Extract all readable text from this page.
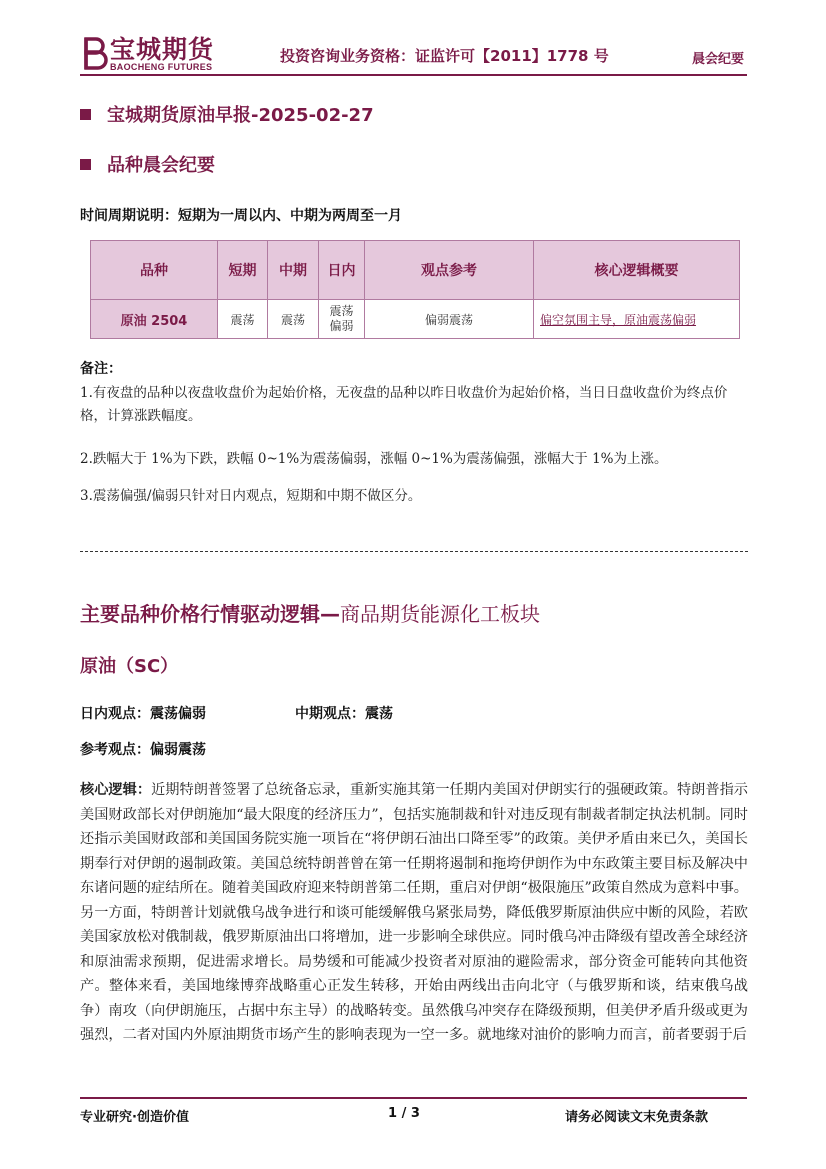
宝城期货
BAOCHENG FUTURES
投资咨询业务资格：证监许可【2011】1778 号	晨会纪要
宝城期货原油早报-2025-02-27
品种晨会纪要
时间周期说明：短期为一周以内、中期为两周至一月
品种	短期	中期	日内	观点参考	核心逻辑概要
原油 2504	震荡	震荡	震荡偏弱	偏弱震荡	偏空氛围主导，原油震荡偏弱
备注：
1.有夜盘的品种以夜盘收盘价为起始价格，无夜盘的品种以昨日收盘价为起始价格，当日日盘收盘价为终点价格，计算涨跌幅度。
2.跌幅大于 1%为下跌，跌幅 0~1%为震荡偏弱，涨幅 0~1%为震荡偏强，涨幅大于 1%为上涨。
3.震荡偏强/偏弱只针对日内观点，短期和中期不做区分。
主要品种价格行情驱动逻辑—商品期货能源化工板块
原油（SC）
日内观点：震荡偏弱	中期观点：震荡
参考观点：偏弱震荡
核心逻辑：近期特朗普签署了总统备忘录，重新实施其第一任期内美国对伊朗实行的强硬政策。特朗普指示美国财政部长对伊朗施加“最大限度的经济压力”，包括实施制裁和针对违反现有制裁者制定执法机制。同时还指示美国财政部和美国国务院实施一项旨在“将伊朗石油出口降至零”的政策。美伊矛盾由来已久，美国长期奉行对伊朗的遏制政策。美国总统特朗普曾在第一任期将遏制和拖垮伊朗作为中东政策主要目标及解决中东诸问题的症结所在。随着美国政府迎来特朗普第二任期，重启对伊朗“极限施压”政策自然成为意料中事。另一方面，特朗普计划就俄乌战争进行和谈可能缓解俄乌紧张局势，降低俄罗斯原油供应中断的风险，若欧美国家放松对俄制裁，俄罗斯原油出口将增加，进一步影响全球供应。同时俄乌冲击降级有望改善全球经济和原油需求预期，促进需求增长。局势缓和可能减少投资者对原油的避险需求，部分资金可能转向其他资产。整体来看，美国地缘博弈战略重心正发生转移，开始由两线出击向北守（与俄罗斯和谈，结束俄乌战争）南攻（向伊朗施压，占据中东主导）的战略转变。虽然俄乌冲突存在降级预期，但美伊矛盾升级或更为强烈，二者对国内外原油期货市场产生的影响表现为一空一多。就地缘对油价的影响力而言，前者要弱于后
专业研究·创造价值	1 / 3	请务必阅读文末免责条款
